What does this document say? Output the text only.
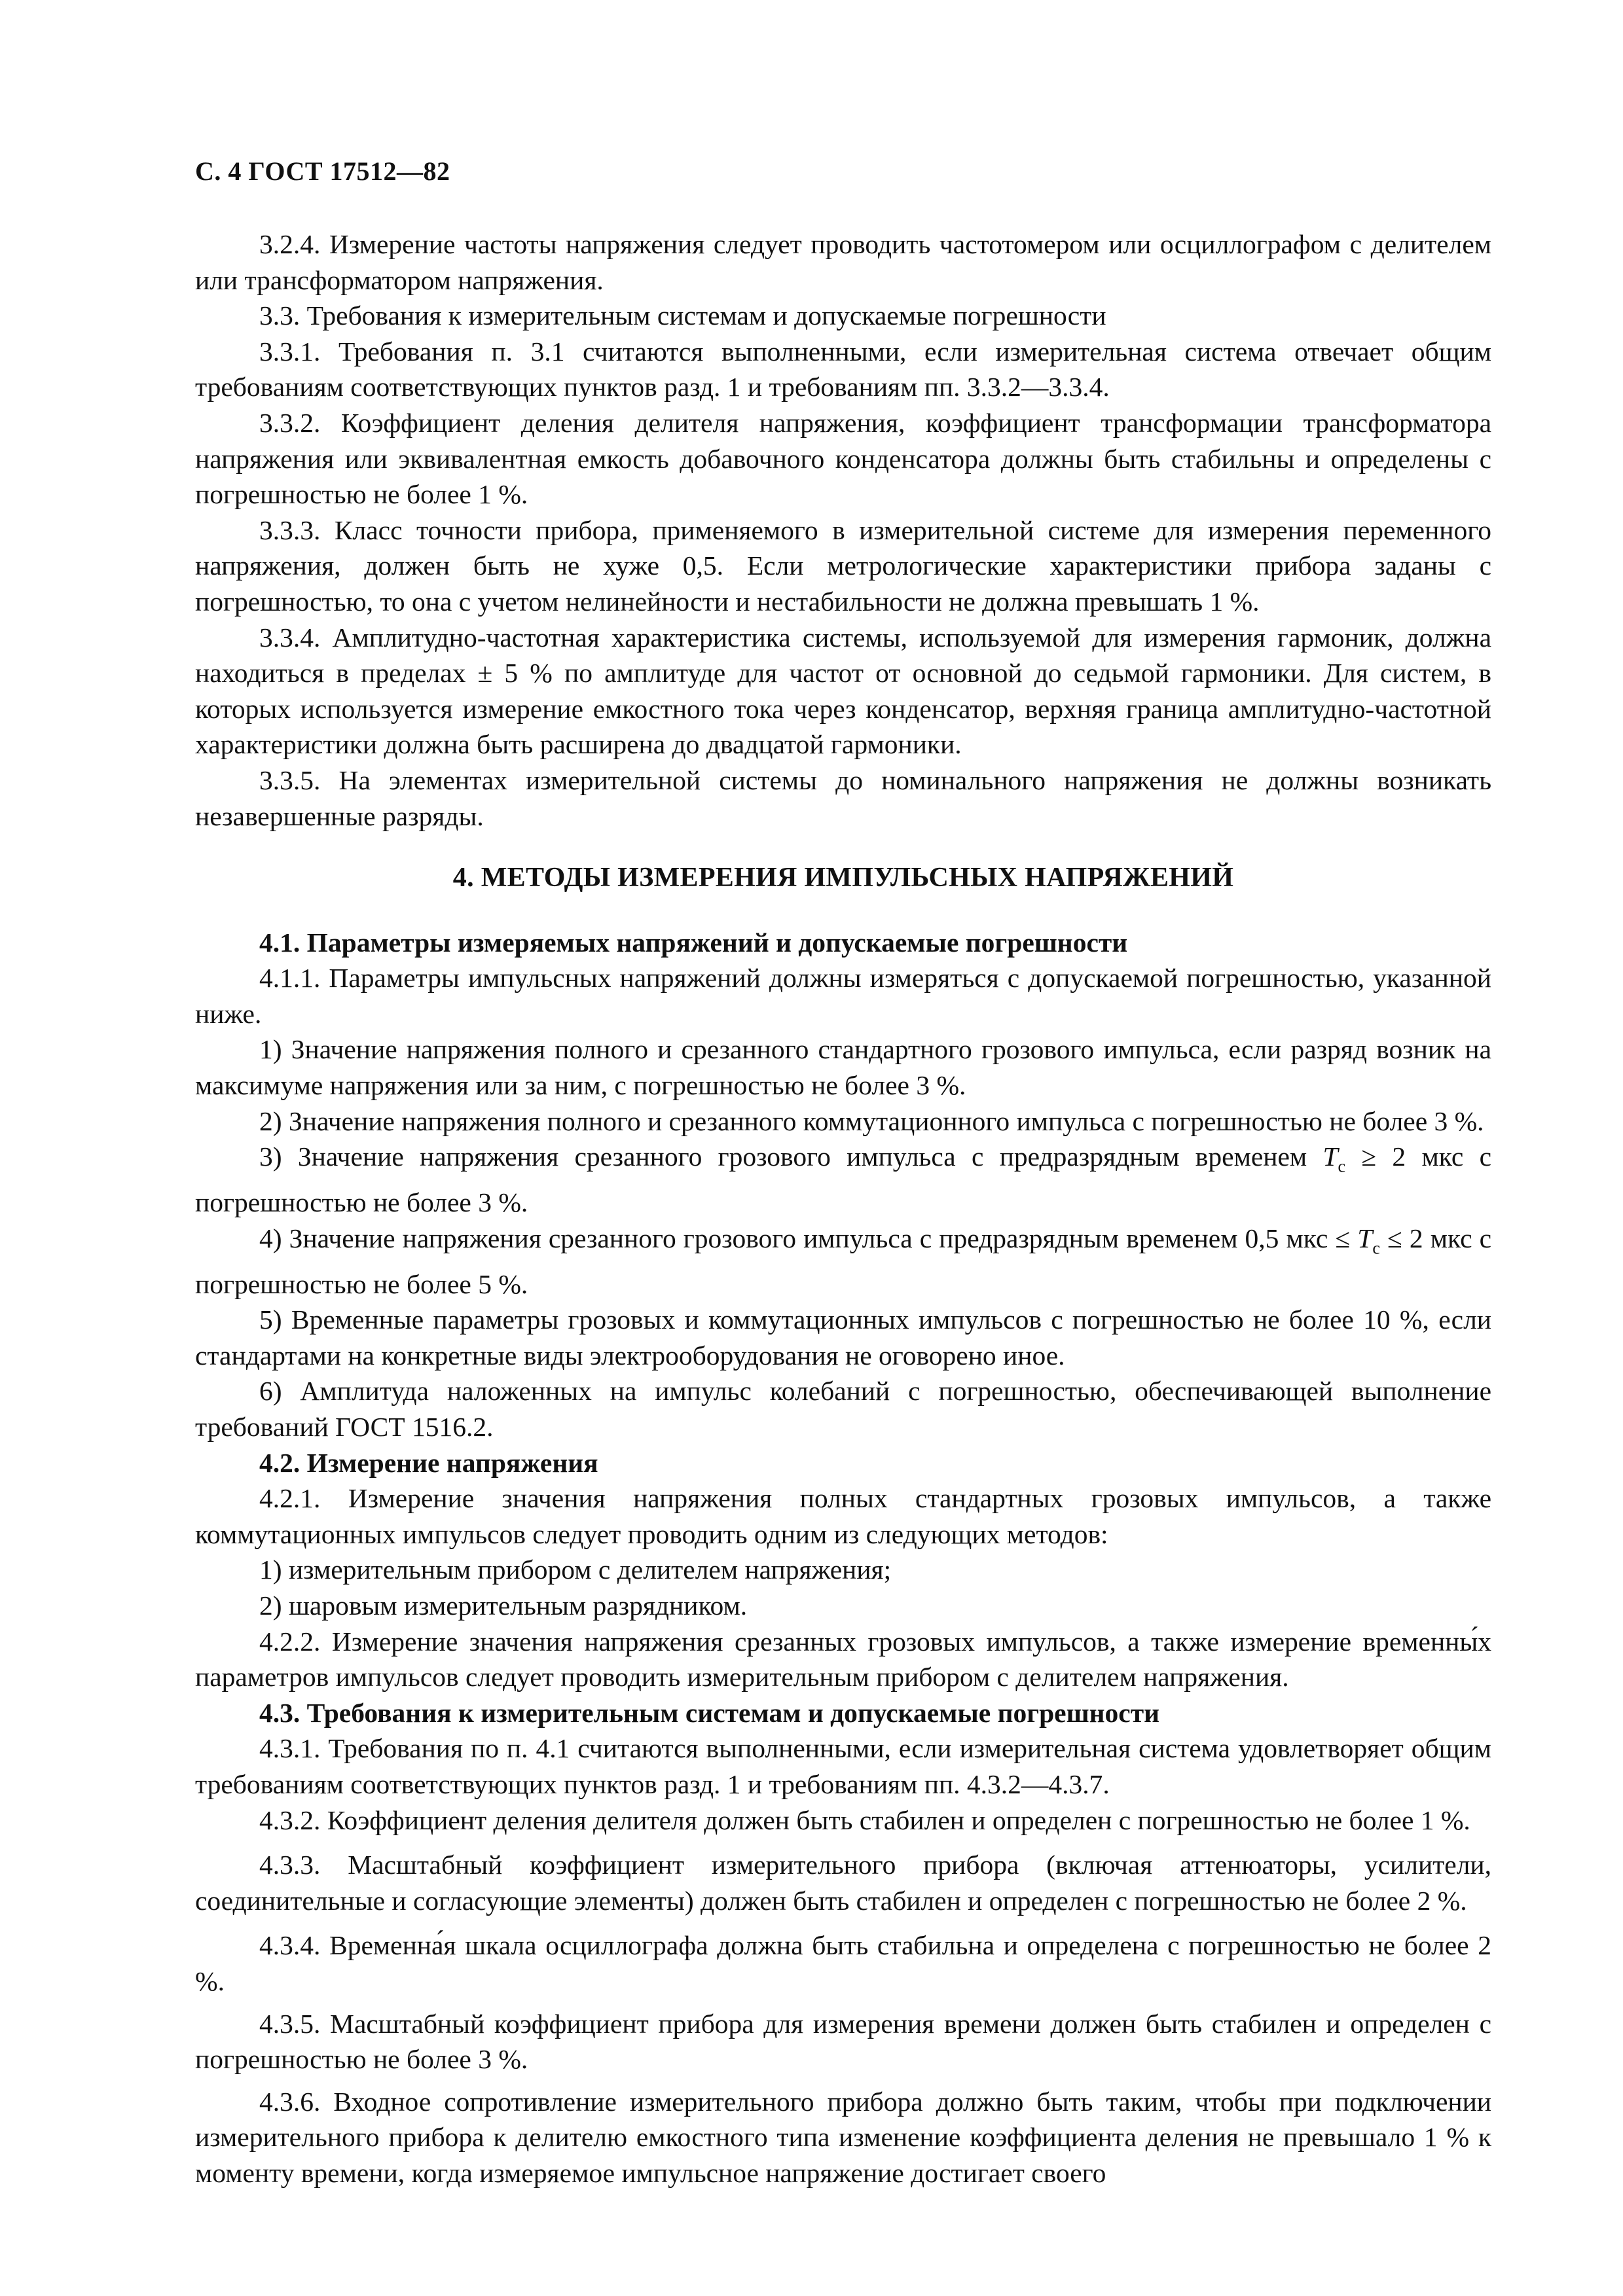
С. 4 ГОСТ 17512—82

3.2.4. Измерение частоты напряжения следует проводить частотомером или осциллографом с делителем или трансформатором напряжения.

3.3. Требования к измерительным системам и допускаемые погрешности

3.3.1. Требования п. 3.1 считаются выполненными, если измерительная система отвечает общим требованиям соответствующих пунктов разд. 1 и требованиям пп. 3.3.2—3.3.4.

3.3.2. Коэффициент деления делителя напряжения, коэффициент трансформации трансформатора напряжения или эквивалентная емкость добавочного конденсатора должны быть стабильны и определены с погрешностью не более 1 %.

3.3.3. Класс точности прибора, применяемого в измерительной системе для измерения переменного напряжения, должен быть не хуже 0,5. Если метрологические характеристики прибора заданы с погрешностью, то она с учетом нелинейности и нестабильности не должна превышать 1 %.

3.3.4. Амплитудно-частотная характеристика системы, используемой для измерения гармоник, должна находиться в пределах ± 5 % по амплитуде для частот от основной до седьмой гармоники. Для систем, в которых используется измерение емкостного тока через конденсатор, верхняя граница амплитудно-частотной характеристики должна быть расширена до двадцатой гармоники.

3.3.5. На элементах измерительной системы до номинального напряжения не должны возникать незавершенные разряды.

4. МЕТОДЫ ИЗМЕРЕНИЯ ИМПУЛЬСНЫХ НАПРЯЖЕНИЙ

4.1. Параметры измеряемых напряжений и допускаемые погрешности

4.1.1. Параметры импульсных напряжений должны измеряться с допускаемой погрешностью, указанной ниже.

1) Значение напряжения полного и срезанного стандартного грозового импульса, если разряд возник на максимуме напряжения или за ним, с погрешностью не более 3 %.

2) Значение напряжения полного и срезанного коммутационного импульса с погрешностью не более 3 %.

3) Значение напряжения срезанного грозового импульса с предразрядным временем $T_c \ge 2$ мкс с погрешностью не более 3 %.

4) Значение напряжения срезанного грозового импульса с предразрядным временем 0,5 мкс ≤ $T_c \le 2$ мкс с погрешностью не более 5 %.

5) Временные параметры грозовых и коммутационных импульсов с погрешностью не более 10 %, если стандартами на конкретные виды электрооборудования не оговорено иное.

6) Амплитуда наложенных на импульс колебаний с погрешностью, обеспечивающей выполнение требований ГОСТ 1516.2.

4.2. Измерение напряжения

4.2.1. Измерение значения напряжения полных стандартных грозовых импульсов, а также коммутационных импульсов следует проводить одним из следующих методов:

1) измерительным прибором с делителем напряжения;

2) шаровым измерительным разрядником.

4.2.2. Измерение значения напряжения срезанных грозовых импульсов, а также измерение временны́х параметров импульсов следует проводить измерительным прибором с делителем напряжения.

4.3. Требования к измерительным системам и допускаемые погрешности

4.3.1. Требования по п. 4.1 считаются выполненными, если измерительная система удовлетворяет общим требованиям соответствующих пунктов разд. 1 и требованиям пп. 4.3.2—4.3.7.

4.3.2. Коэффициент деления делителя должен быть стабилен и определен с погрешностью не более 1 %.

4.3.3. Масштабный коэффициент измерительного прибора (включая аттенюаторы, усилители, соединительные и согласующие элементы) должен быть стабилен и определен с погрешностью не более 2 %.

4.3.4. Временна́я шкала осциллографа должна быть стабильна и определена с погрешностью не более 2 %.

4.3.5. Масштабный коэффициент прибора для измерения времени должен быть стабилен и определен с погрешностью не более 3 %.

4.3.6. Входное сопротивление измерительного прибора должно быть таким, чтобы при подключении измерительного прибора к делителю емкостного типа изменение коэффициента деления не превышало 1 % к моменту времени, когда измеряемое импульсное напряжение достигает своего
